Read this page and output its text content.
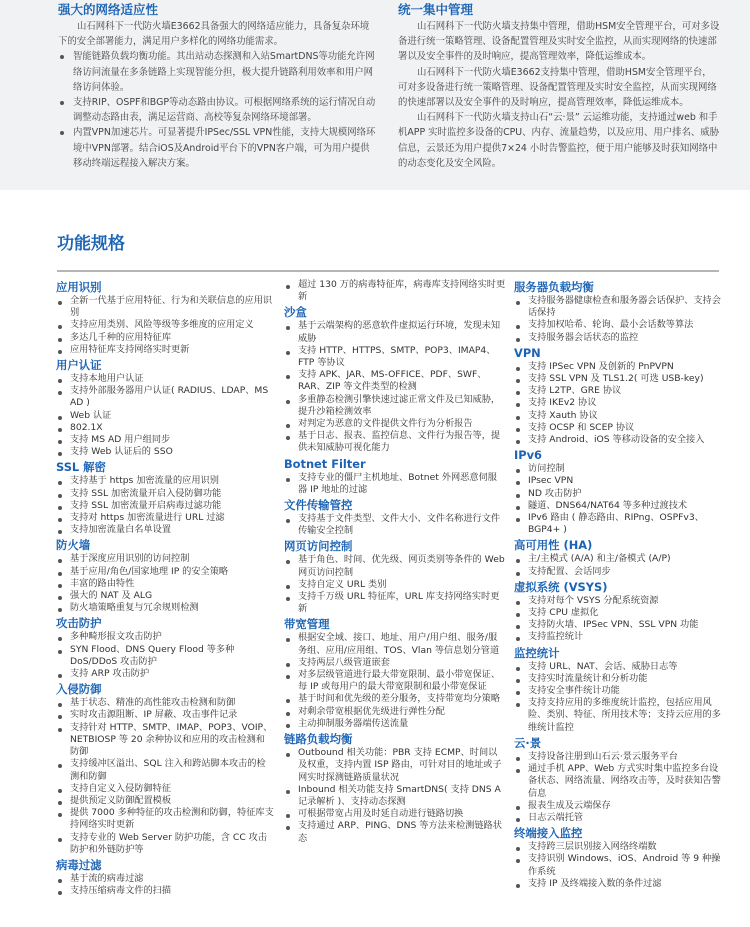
强大的网络适应性

山石网科下一代防火墙E3662具备强大的网络适应能力，具备复杂环境下的安全部署能力，满足用户多样化的网络功能需求。

智能链路负载均衡功能。其出站动态探测和入站SmartDNS等功能允许网络访问流量在多条链路上实现智能分担，极大提升链路利用效率和用户网络访问体验。
支持RIP、OSPF和BGP等动态路由协议。可根据网络系统的运行情况自动调整动态路由表，满足运营商、高校等复杂网络环境部署。
内置VPN加速芯片。可显著提升IPSec/SSL VPN性能，支持大规模网络环境中VPN部署。结合iOS及Android平台下的VPN客户端，可为用户提供移动终端远程接入解决方案。
统一集中管理

山石网科下一代防火墙支持集中管理，借助HSM安全管理平台，可对多设备进行统一策略管理、设备配置管理及实时安全监控，从而实现网络的快速部署以及安全事件的及时响应，提高管理效率，降低运维成本。

山石网科下一代防火墙E3662支持集中管理，借助HSM安全管理平台，可对多设备进行统一策略管理、设备配置管理及实时安全监控，从而实现网络的快速部署以及安全事件的及时响应，提高管理效率，降低运维成本。

山石网科下一代防火墙支持山石“云·景” 云运维功能，支持通过web 和手机APP 实时监控多设备的CPU、内存、流量趋势，以及应用、用户排名、威胁信息，云景还为用户提供7×24 小时告警监控，便于用户能够及时获知网络中的动态变化及安全风险。

功能规格
应用识别
全新一代基于应用特征、行为和关联信息的应用识别
支持应用类别、风险等级等多维度的应用定义
多达几千种的应用特征库
应用特征库支持网络实时更新
用户认证
支持本地用户认证
支持外部服务器用户认证( RADIUS、LDAP、MS AD )
Web 认证
802.1X
支持 MS AD 用户组同步
支持 Web 认证后的 SSO
SSL 解密
支持基于 https 加密流量的应用识别
支持 SSL 加密流量开启入侵防御功能
支持 SSL 加密流量开启病毒过滤功能
支持对 https 加密流量进行 URL 过滤
支持加密流量白名单设置
防火墙
基于深度应用识别的访问控制
基于应用/角色/国家地理 IP 的安全策略
丰富的路由特性
强大的 NAT 及 ALG
防火墙策略重复与冗余规则检测
攻击防护
多种畸形报文攻击防护
SYN Flood、DNS Query Flood 等多种 DoS/DDoS 攻击防护
支持 ARP 攻击防护
入侵防御
基于状态、精准的高性能攻击检测和防御
实时攻击源阻断、IP 屏蔽、攻击事件记录
支持针对 HTTP、SMTP、IMAP、POP3、VOIP、NETBIOSP 等 20 余种协议和应用的攻击检测和防御
支持缓冲区溢出、SQL 注入和跨站脚本攻击的检测和防御
支持自定义入侵防御特征
提供预定义防御配置模板
提供 7000 多种特征的攻击检测和防御，特征库支持网络实时更新
支持专业的 Web Server 防护功能，含 CC 攻击防护和外链防护等
病毒过滤
基于流的病毒过滤
支持压缩病毒文件的扫描
超过 130 万的病毒特征库，病毒库支持网络实时更新
沙盒
基于云端架构的恶意软件虚拟运行环境，发现未知威胁
支持 HTTP、HTTPS、SMTP、POP3、IMAP4、FTP 等协议
支持 APK、JAR、MS-OFFICE、PDF、SWF、RAR、ZIP 等文件类型的检测
多重静态检测引擎快速过滤正常文件及已知威胁，提升沙箱检测效率
对判定为恶意的文件提供文件行为分析报告
基于日志、报表、监控信息、文件行为报告等，提供未知威胁可视化能力
Botnet Filter
支持专业的僵尸主机地址、Botnet 外网恶意伺服器 IP 地址的过滤
文件传输管控
支持基于文件类型、文件大小、文件名称进行文件传输安全控制
网页访问控制
基于角色、时间、优先级、网页类别等条件的 Web 网页访问控制
支持自定义 URL 类别
支持千万级 URL 特征库，URL 库支持网络实时更新
带宽管理
根据安全域、接口、地址、用户/用户组、服务/服务组、应用/应用组、TOS、Vlan 等信息划分管道
支持两层八级管道嵌套
对多层级管道进行最大带宽限制、最小带宽保证、每 IP 或每用户的最大带宽限制和最小带宽保证
基于时间和优先级的差分服务，支持带宽均分策略
对剩余带宽根据优先级进行弹性分配
主动抑制服务器端传送流量
链路负载均衡
Outbound 相关功能：PBR 支持 ECMP、时间以及权重，支持内置 ISP 路由，可针对目的地址或子网实时探测链路质量状况
Inbound 相关功能支持 SmartDNS( 支持 DNS A 记录解析 )、支持动态探测
可根据带宽占用及时延自动进行链路切换
支持通过 ARP、PING、DNS 等方法来检测链路状态
服务器负载均衡
支持服务器健康检查和服务器会话保护、支持会话保持
支持加权哈希、轮询、最小会话数等算法
支持服务器会话状态的监控
VPN
支持 IPSec VPN 及创新的 PnPVPN
支持 SSL VPN 及 TLS1.2( 可选 USB-key)
支持 L2TP、GRE 协议
支持 IKEv2 协议
支持 Xauth 协议
支持 OCSP 和 SCEP 协议
支持 Android、iOS 等移动设备的安全接入
IPv6
访问控制
IPsec VPN
ND 攻击防护
隧道、DNS64/NAT64 等多种过渡技术
IPv6 路由 ( 静态路由、RIPng、OSPFv3、BGP4+ )
高可用性 (HA)
主/主模式 (A/A) 和主/备模式 (A/P)
支持配置、会话同步
虚拟系统 (VSYS)
支持对每个 VSYS 分配系统资源
支持 CPU 虚拟化
支持防火墙、IPSec VPN、SSL VPN 功能
支持监控统计
监控统计
支持 URL、NAT、会话、威胁日志等
支持实时流量统计和分析功能
支持安全事件统计功能
支持支持应用的多维度统计监控，包括应用风险、类别、特征、所用技术等；支持云应用的多维统计监控
云·景
支持设备注册到山石云·景云服务平台
通过手机 APP、Web 方式实时集中监控多台设备状态、网络流量、网络攻击等，及时获知告警信息
报表生成及云端保存
日志云端托管
终端接入监控
支持跨三层识别接入网络终端数
支持识别 Windows、iOS、Android 等 9 种操作系统
支持 IP 及终端接入数的条件过滤
